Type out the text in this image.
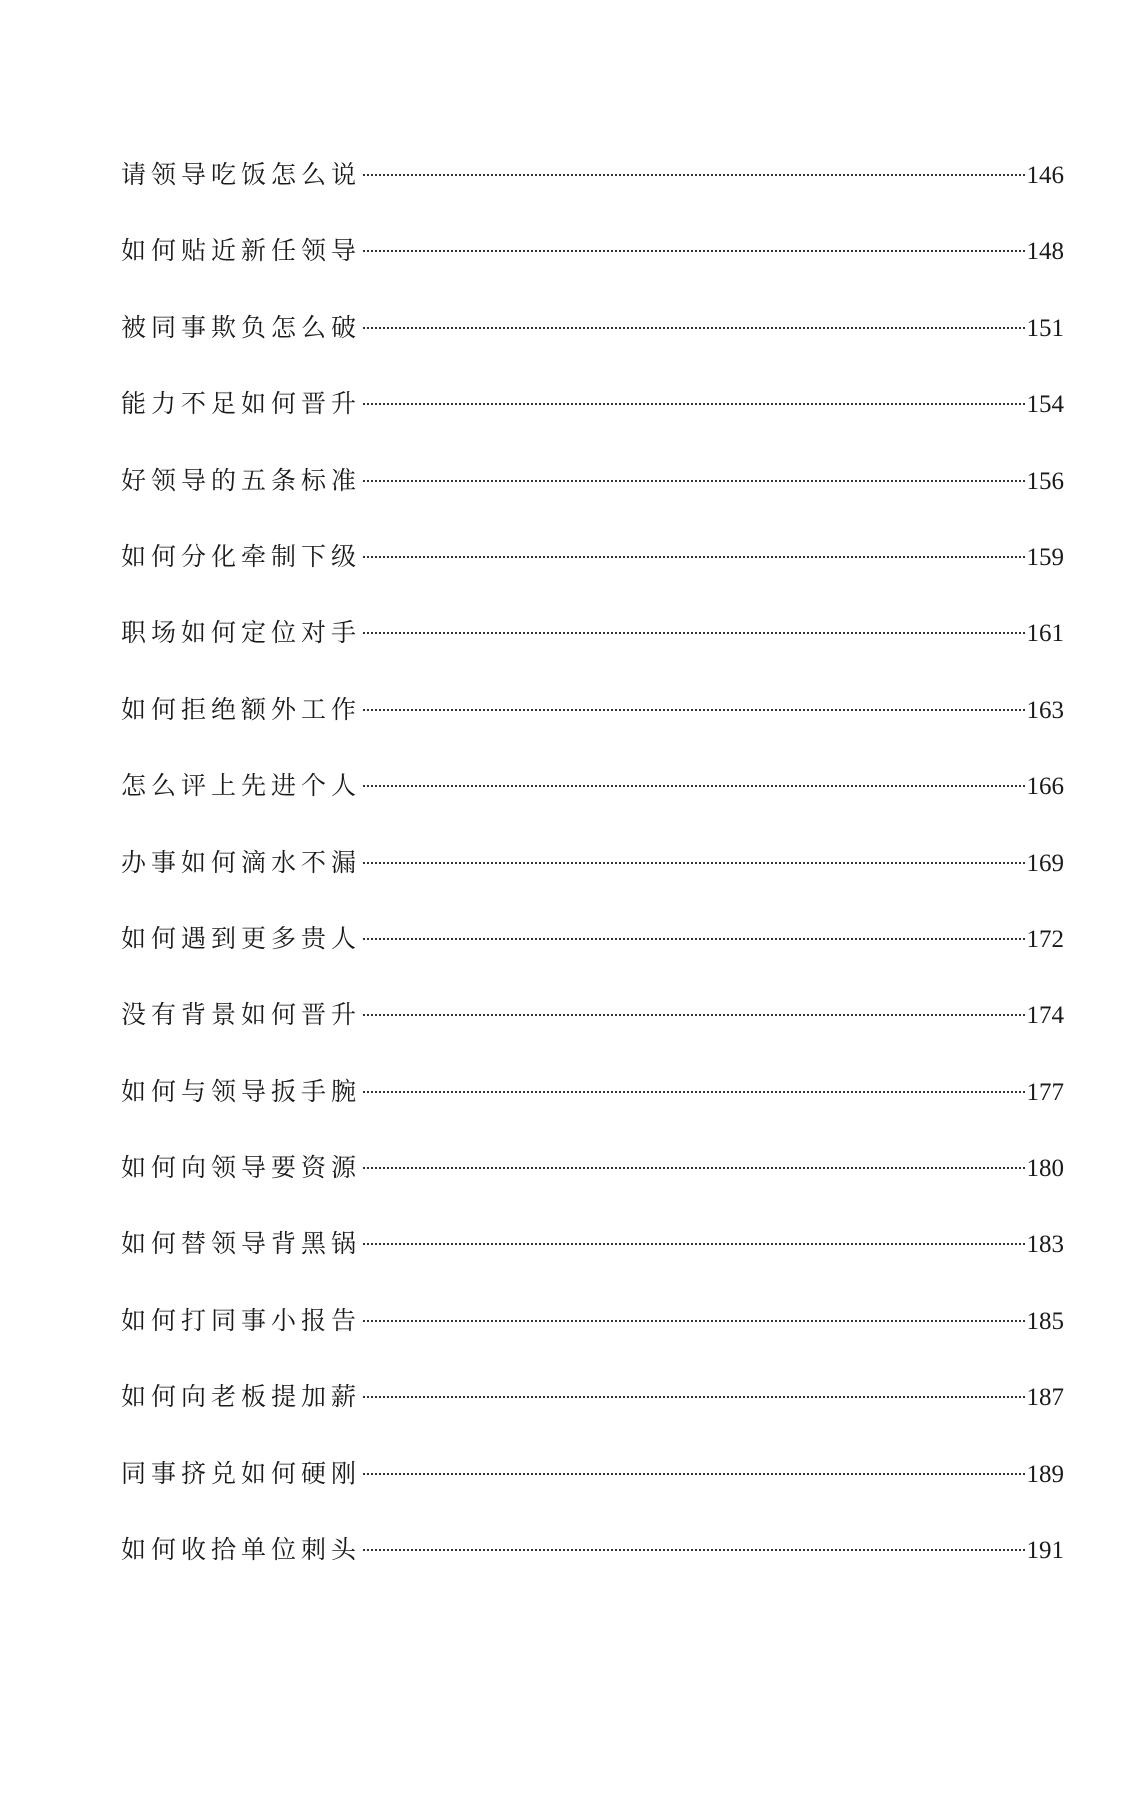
请领导吃饭怎么说	146
如何贴近新任领导	148
被同事欺负怎么破	151
能力不足如何晋升	154
好领导的五条标准	156
如何分化牵制下级	159
职场如何定位对手	161
如何拒绝额外工作	163
怎么评上先进个人	166
办事如何滴水不漏	169
如何遇到更多贵人	172
没有背景如何晋升	174
如何与领导扳手腕	177
如何向领导要资源	180
如何替领导背黑锅	183
如何打同事小报告	185
如何向老板提加薪	187
同事挤兑如何硬刚	189
如何收拾单位刺头	191
